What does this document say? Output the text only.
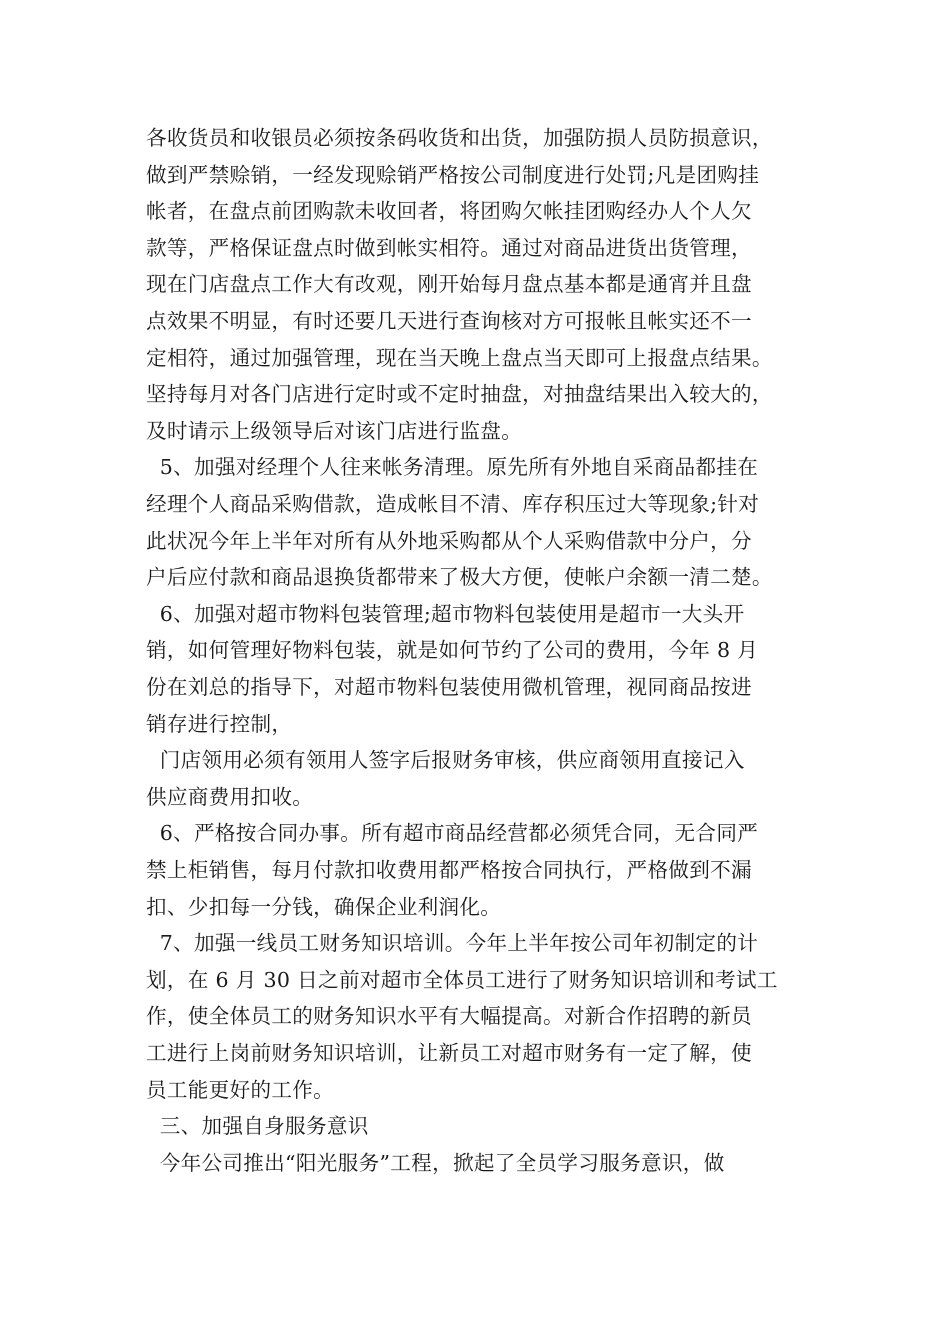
各收货员和收银员必须按条码收货和出货，加强防损人员防损意识，
做到严禁赊销，一经发现赊销严格按公司制度进行处罚;凡是团购挂
帐者，在盘点前团购款未收回者，将团购欠帐挂团购经办人个人欠
款等，严格保证盘点时做到帐实相符。通过对商品进货出货管理，
现在门店盘点工作大有改观，刚开始每月盘点基本都是通宵并且盘
点效果不明显，有时还要几天进行查询核对方可报帐且帐实还不一
定相符，通过加强管理，现在当天晚上盘点当天即可上报盘点结果。
坚持每月对各门店进行定时或不定时抽盘，对抽盘结果出入较大的，
及时请示上级领导后对该门店进行监盘。
5、加强对经理个人往来帐务清理。原先所有外地自采商品都挂在
经理个人商品采购借款，造成帐目不清、库存积压过大等现象;针对
此状况今年上半年对所有从外地采购都从个人采购借款中分户，分
户后应付款和商品退换货都带来了极大方便，使帐户余额一清二楚。
6、加强对超市物料包装管理;超市物料包装使用是超市一大头开
销，如何管理好物料包装，就是如何节约了公司的费用，今年 8 月
份在刘总的指导下，对超市物料包装使用微机管理，视同商品按进
销存进行控制，
门店领用必须有领用人签字后报财务审核，供应商领用直接记入
供应商费用扣收。
6、严格按合同办事。所有超市商品经营都必须凭合同，无合同严
禁上柜销售，每月付款扣收费用都严格按合同执行，严格做到不漏
扣、少扣每一分钱，确保企业利润化。
7、加强一线员工财务知识培训。今年上半年按公司年初制定的计
划，在 6 月 30 日之前对超市全体员工进行了财务知识培训和考试工
作，使全体员工的财务知识水平有大幅提高。对新合作招聘的新员
工进行上岗前财务知识培训，让新员工对超市财务有一定了解，使
员工能更好的工作。
三、加强自身服务意识
今年公司推出“阳光服务”工程，掀起了全员学习服务意识，做
